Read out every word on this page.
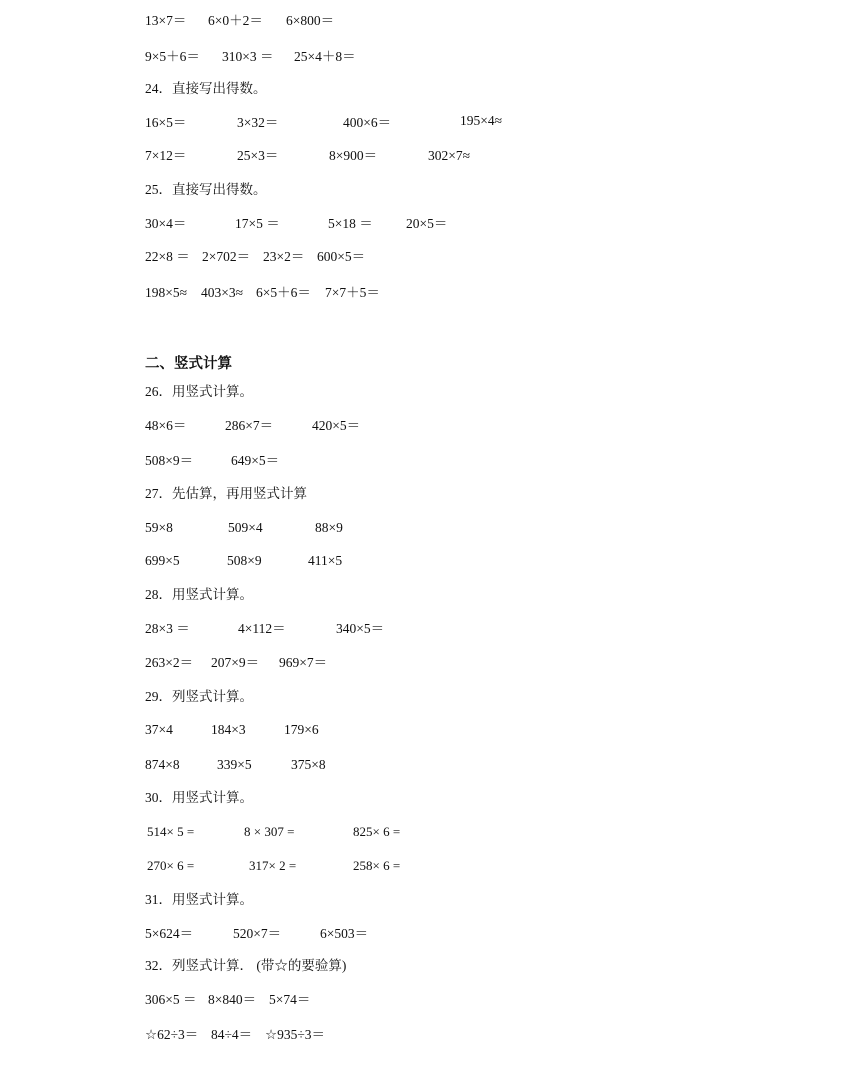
13×7＝ 6×0＋2＝ 6×800＝
9×5＋6＝ 310×3 ＝ 25×4＋8＝
24．直接写出得数。
16×5＝	3×32＝	400×6＝	195×4≈
7×12＝	25×3＝	8×900＝	302×7≈
25．直接写出得数。
30×4＝	17×5 ＝	5×18 ＝ 20×5＝
22×8 ＝ 2×702＝ 23×2＝ 600×5＝
198×5≈ 403×3≈ 6×5＋6＝ 7×7＋5＝
二、竖式计算
26．用竖式计算。
48×6＝	286×7＝	420×5＝
508×9＝	649×5＝
27．先估算，再用竖式计算
59×8	509×4	88×9
699×5	508×9	411×5
28．用竖式计算。
28×3 ＝	4×112＝	340×5＝
263×2＝ 207×9＝ 969×7＝
29．列竖式计算。
37×4	184×3	179×6
874×8	339×5	375×8
30．用竖式计算。
514× 5 =	8 × 307 =	825× 6 =
270× 6 =	317× 2 =	258× 6 =
31．用竖式计算。
5×624＝	520×7＝	6×503＝
32．列竖式计算． (带☆的要验算)
306×5 ＝ 8×840＝ 5×74＝
☆62÷3＝ 84÷4＝ ☆935÷3＝
